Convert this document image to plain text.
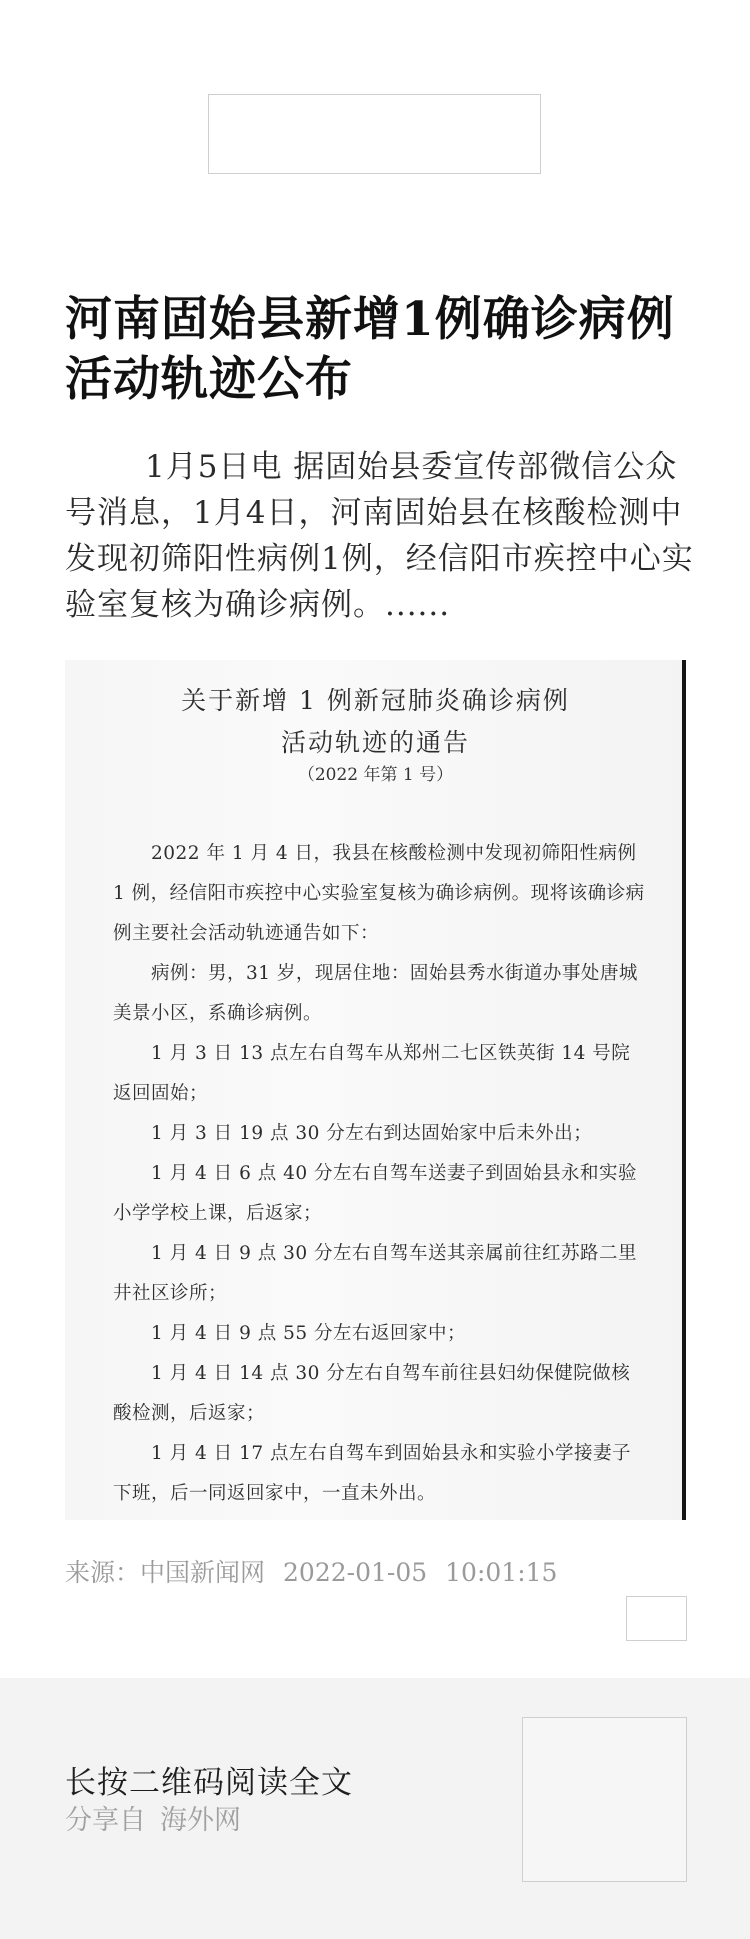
河南固始县新增1例确诊病例活动轨迹公布

1月5日电 据固始县委宣传部微信公众号消息，1月4日，河南固始县在核酸检测中发现初筛阳性病例1例，经信阳市疾控中心实验室复核为确诊病例。......

关于新增 1 例新冠肺炎确诊病例
活动轨迹的通告
（2022 年第 1 号）

2022 年 1 月 4 日，我县在核酸检测中发现初筛阳性病例 1 例，经信阳市疾控中心实验室复核为确诊病例。现将该确诊病例主要社会活动轨迹通告如下：

病例：男，31 岁，现居住地：固始县秀水街道办事处唐城美景小区，系确诊病例。

1 月 3 日 13 点左右自驾车从郑州二七区铁英街 14 号院返回固始；

1 月 3 日 19 点 30 分左右到达固始家中后未外出；

1 月 4 日 6 点 40 分左右自驾车送妻子到固始县永和实验小学学校上课，后返家；

1 月 4 日 9 点 30 分左右自驾车送其亲属前往红苏路二里井社区诊所；

1 月 4 日 9 点 55 分左右返回家中；

1 月 4 日 14 点 30 分左右自驾车前往县妇幼保健院做核酸检测，后返家；

1 月 4 日 17 点左右自驾车到固始县永和实验小学接妻子下班，后一同返回家中，一直未外出。

来源：中国新闻网 2022-01-05 10:01:15
长按二维码阅读全文
分享自 海外网
